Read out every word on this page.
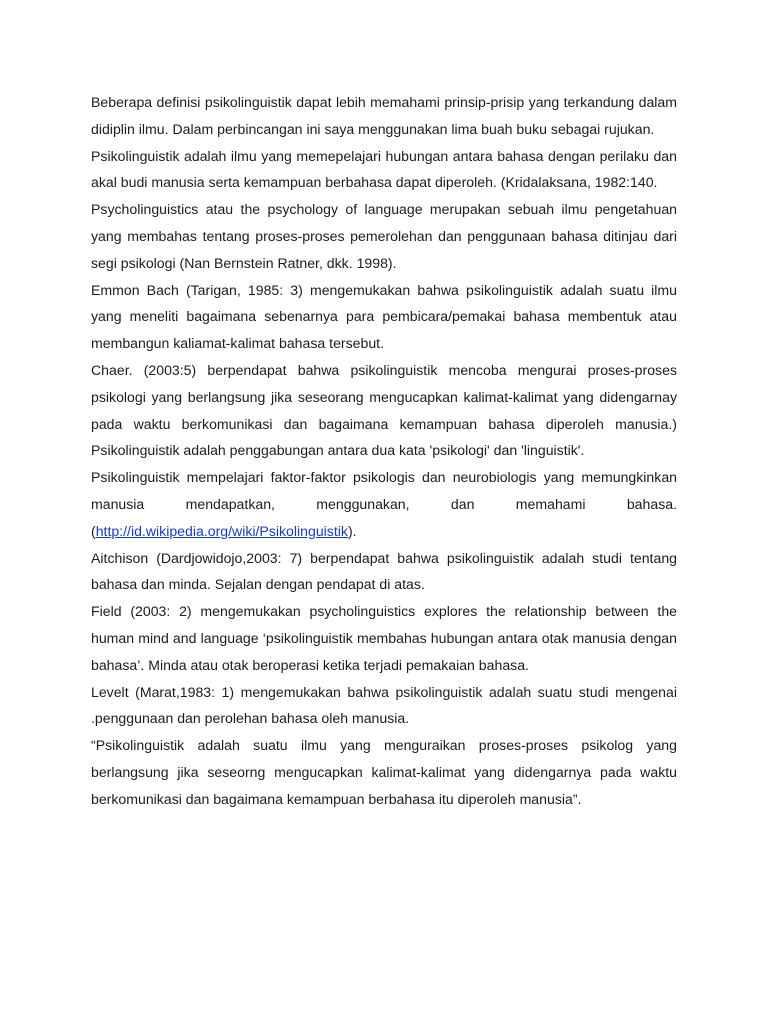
Beberapa definisi psikolinguistik dapat lebih memahami prinsip-prisip yang terkandung dalam didiplin ilmu. Dalam perbincangan ini saya menggunakan lima buah buku sebagai rujukan.

Psikolinguistik adalah ilmu yang memepelajari hubungan antara bahasa dengan perilaku dan akal budi manusia serta kemampuan berbahasa dapat diperoleh. (Kridalaksana, 1982:140.

Psycholinguistics atau the psychology of language merupakan sebuah ilmu pengetahuan yang membahas tentang proses-proses pemerolehan dan penggunaan bahasa ditinjau dari segi psikologi (Nan Bernstein Ratner, dkk. 1998).

Emmon Bach (Tarigan, 1985: 3) mengemukakan bahwa psikolinguistik adalah suatu ilmu yang meneliti bagaimana sebenarnya para pembicara/pemakai bahasa membentuk atau membangun kaliamat-kalimat bahasa tersebut.

Chaer. (2003:5) berpendapat bahwa psikolinguistik mencoba mengurai proses-proses psikologi yang berlangsung jika seseorang mengucapkan kalimat-kalimat yang didengarnay pada waktu berkomunikasi dan bagaimana kemampuan bahasa diperoleh manusia.) Psikolinguistik adalah penggabungan antara dua kata 'psikologi' dan 'linguistik'.

Psikolinguistik mempelajari faktor-faktor psikologis dan neurobiologis yang memungkinkan manusia mendapatkan, menggunakan, dan memahami bahasa. (http://id.wikipedia.org/wiki/Psikolinguistik).

Aitchison (Dardjowidojo,2003: 7) berpendapat bahwa psikolinguistik adalah studi tentang bahasa dan minda. Sejalan dengan pendapat di atas.

Field (2003: 2) mengemukakan psycholinguistics explores the relationship between the human mind and language ‘psikolinguistik membahas hubungan antara otak manusia dengan bahasa’. Minda atau otak beroperasi ketika terjadi pemakaian bahasa.

Levelt (Marat,1983: 1) mengemukakan bahwa psikolinguistik adalah suatu studi mengenai .penggunaan dan perolehan bahasa oleh manusia.

“Psikolinguistik adalah suatu ilmu yang menguraikan proses-proses psikolog yang berlangsung jika seseorng mengucapkan kalimat-kalimat yang didengarnya pada waktu berkomunikasi dan bagaimana kemampuan berbahasa itu diperoleh manusia”.
